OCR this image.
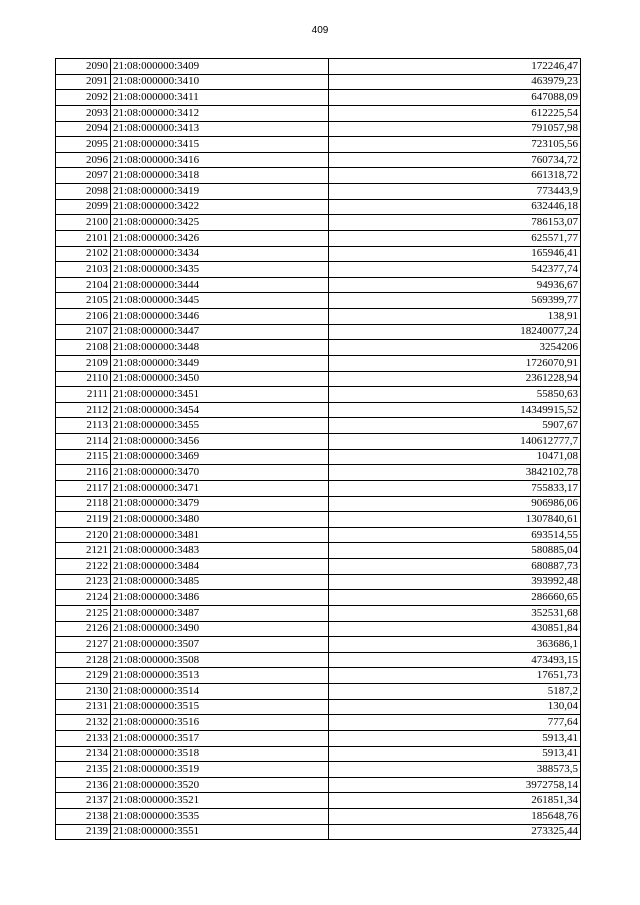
409
2090	21:08:000000:3409	172246,47
2091	21:08:000000:3410	463979,23
2092	21:08:000000:3411	647088,09
2093	21:08:000000:3412	612225,54
2094	21:08:000000:3413	791057,98
2095	21:08:000000:3415	723105,56
2096	21:08:000000:3416	760734,72
2097	21:08:000000:3418	661318,72
2098	21:08:000000:3419	773443,9
2099	21:08:000000:3422	632446,18
2100	21:08:000000:3425	786153,07
2101	21:08:000000:3426	625571,77
2102	21:08:000000:3434	165946,41
2103	21:08:000000:3435	542377,74
2104	21:08:000000:3444	94936,67
2105	21:08:000000:3445	569399,77
2106	21:08:000000:3446	138,91
2107	21:08:000000:3447	18240077,24
2108	21:08:000000:3448	3254206
2109	21:08:000000:3449	1726070,91
2110	21:08:000000:3450	2361228,94
2111	21:08:000000:3451	55850,63
2112	21:08:000000:3454	14349915,52
2113	21:08:000000:3455	5907,67
2114	21:08:000000:3456	140612777,7
2115	21:08:000000:3469	10471,08
2116	21:08:000000:3470	3842102,78
2117	21:08:000000:3471	755833,17
2118	21:08:000000:3479	906986,06
2119	21:08:000000:3480	1307840,61
2120	21:08:000000:3481	693514,55
2121	21:08:000000:3483	580885,04
2122	21:08:000000:3484	680887,73
2123	21:08:000000:3485	393992,48
2124	21:08:000000:3486	286660,65
2125	21:08:000000:3487	352531,68
2126	21:08:000000:3490	430851,84
2127	21:08:000000:3507	363686,1
2128	21:08:000000:3508	473493,15
2129	21:08:000000:3513	17651,73
2130	21:08:000000:3514	5187,2
2131	21:08:000000:3515	130,04
2132	21:08:000000:3516	777,64
2133	21:08:000000:3517	5913,41
2134	21:08:000000:3518	5913,41
2135	21:08:000000:3519	388573,5
2136	21:08:000000:3520	3972758,14
2137	21:08:000000:3521	261851,34
2138	21:08:000000:3535	185648,76
2139	21:08:000000:3551	273325,44
